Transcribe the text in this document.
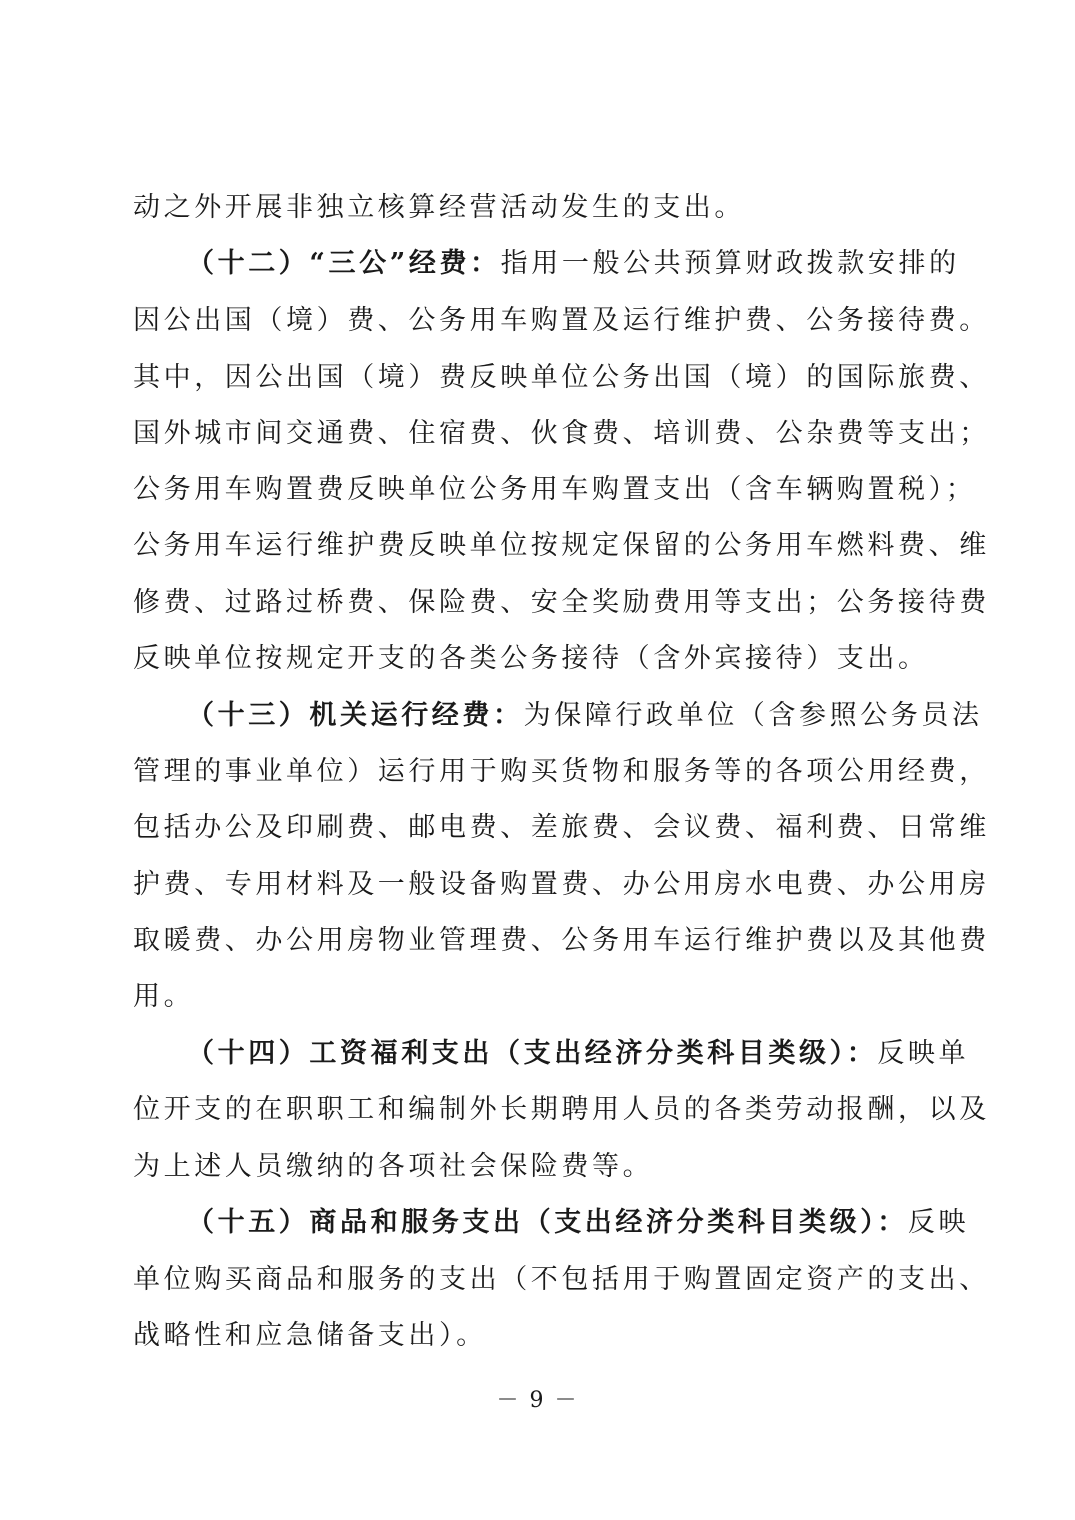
动之外开展非独立核算经营活动发生的支出。
（十二）“三公”经费：指用一般公共预算财政拨款安排的
因公出国（境）费、公务用车购置及运行维护费、公务接待费。
其中，因公出国（境）费反映单位公务出国（境）的国际旅费、
国外城市间交通费、住宿费、伙食费、培训费、公杂费等支出；
公务用车购置费反映单位公务用车购置支出（含车辆购置税）；
公务用车运行维护费反映单位按规定保留的公务用车燃料费、维
修费、过路过桥费、保险费、安全奖励费用等支出；公务接待费
反映单位按规定开支的各类公务接待（含外宾接待）支出。
（十三）机关运行经费：为保障行政单位（含参照公务员法
管理的事业单位）运行用于购买货物和服务等的各项公用经费，
包括办公及印刷费、邮电费、差旅费、会议费、福利费、日常维
护费、专用材料及一般设备购置费、办公用房水电费、办公用房
取暖费、办公用房物业管理费、公务用车运行维护费以及其他费
用。
（十四）工资福利支出（支出经济分类科目类级）：反映单
位开支的在职职工和编制外长期聘用人员的各类劳动报酬，以及
为上述人员缴纳的各项社会保险费等。
（十五）商品和服务支出（支出经济分类科目类级）：反映
单位购买商品和服务的支出（不包括用于购置固定资产的支出、
战略性和应急储备支出）。
－ 9 －
